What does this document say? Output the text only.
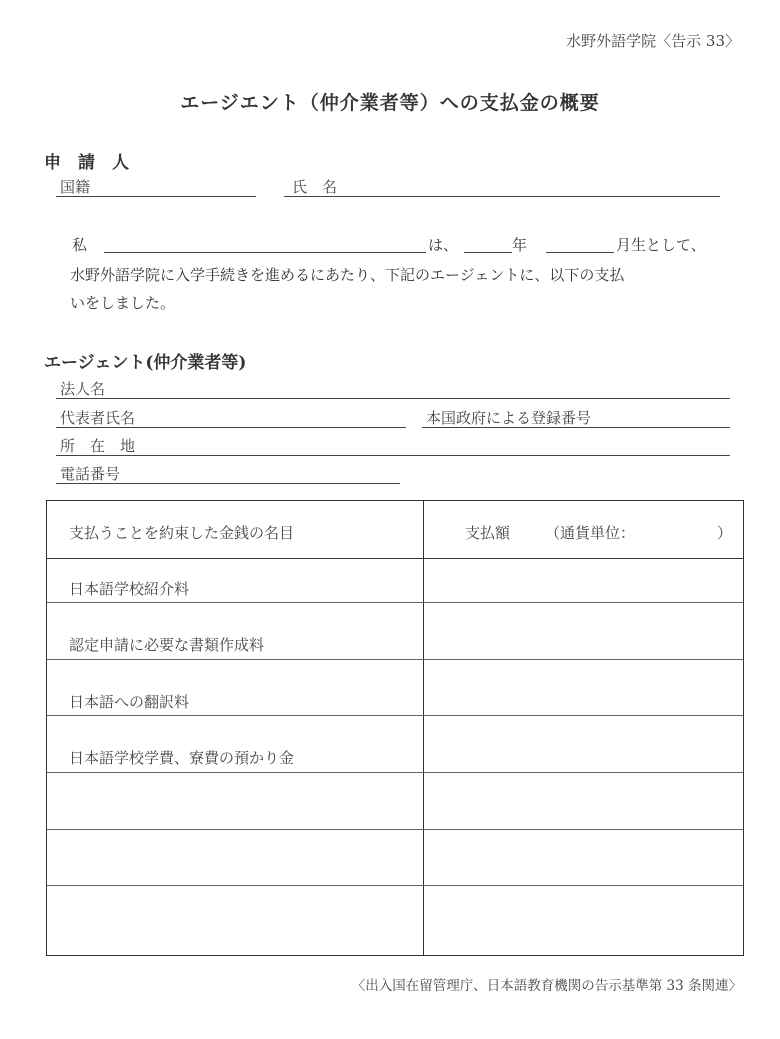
水野外語学院〈告示 33〉
エージエント（仲介業者等）への支払金の概要
申　請　人
国籍	氏　名
私	は、	年	月生として、
水野外語学院に入学手続きを進めるにあたり、下記のエージェントに、以下の支払
いをしました。
エージェント(仲介業者等)
法人名
代表者氏名	本国政府による登録番号
所　在　地
電話番号
支払うことを約束した金銭の名目	支払額 （通貨単位：	）
日本語学校紹介料
認定申請に必要な書類作成料
日本語への翻訳料
日本語学校学費、寮費の預かり金
〈出入国在留管理庁、日本語教育機関の告示基準第 33 条関連〉
